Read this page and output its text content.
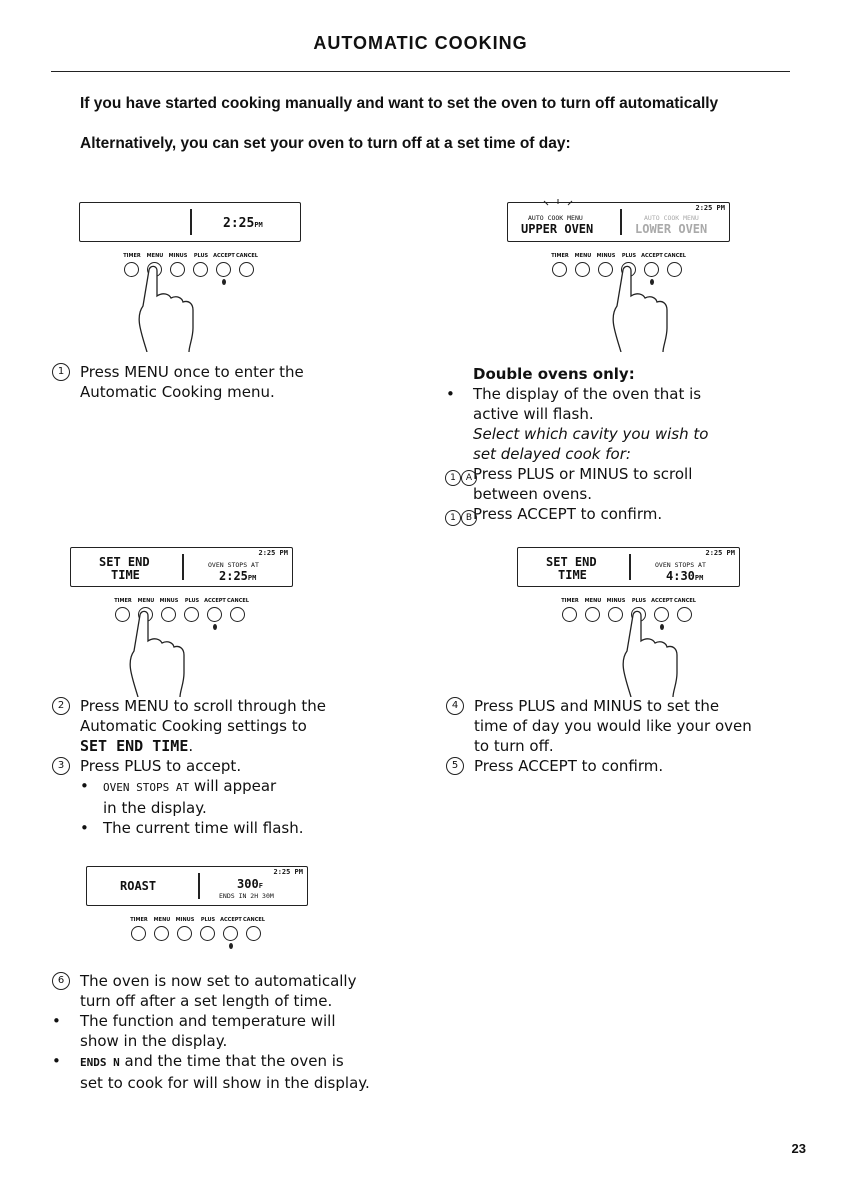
AUTOMATIC COOKING
If you have started cooking manually and want to set the oven to turn off automatically
Alternatively, you can set your oven to turn off at a set time of day:
2:25PM
TIMER	MENU	MINUS	PLUS ACCEPT CANCEL
2:25 PM
AUTO COOK MENU
UPPER OVEN
AUTO COOK MENU
LOWER OVEN
TIMER	MENU	MINUS	PLUS ACCEPT CANCEL
1	Press MENU once to enter the
Automatic Cooking menu.
Double ovens only:
• The display of the oven that is
active will flash.
Select which cavity you wish to
set delayed cook for:
1 A Press PLUS or MINUS to scroll
between ovens.
1 B Press ACCEPT to confirm.
2:25 PM
SET END
TIME
OVEN STOPS AT
2:25PM
TIMER	MENU	MINUS	PLUS ACCEPT CANCEL
2:25 PM
SET END
TIME
OVEN STOPS AT
4:30PM
TIMER	MENU	MINUS	PLUS ACCEPT CANCEL
2	Press MENU to scroll through the
Automatic Cooking settings to
SET END TIME.
3	Press PLUS to accept.
• OVEN STOPS AT will appear
in the display.
• The current time will flash.
4	Press PLUS and MINUS to set the
time of day you would like your oven
to turn off.
5	Press ACCEPT to confirm.
2:25 PM
ROAST	300F
ENDS IN 2H 30M
TIMER	MENU	MINUS	PLUS ACCEPT CANCEL
6	The oven is now set to automatically
turn off after a set length of time.
• The function and temperature will
show in the display.
• ENDS N and the time that the oven is
set to cook for will show in the display.
23
